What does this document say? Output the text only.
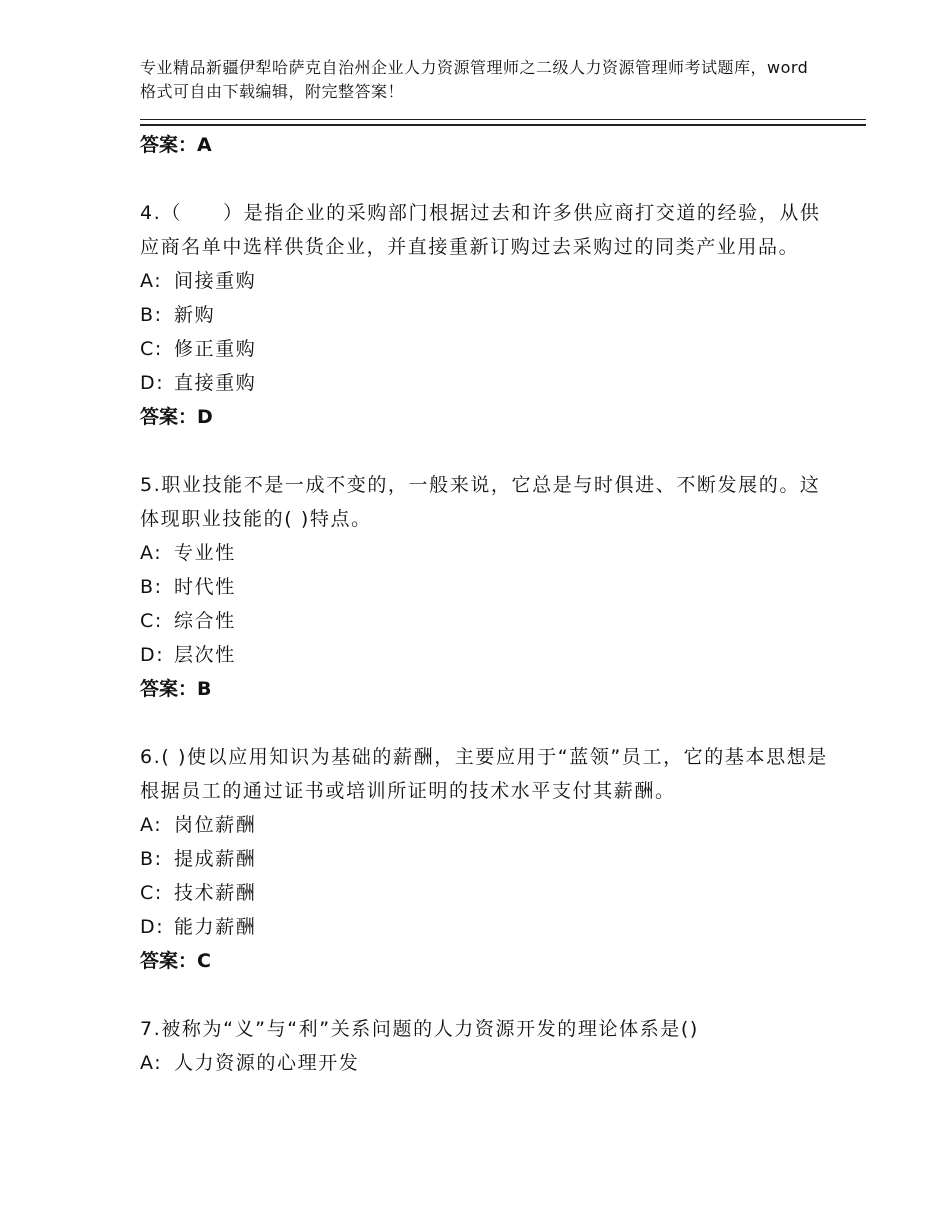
专业精品新疆伊犁哈萨克自治州企业人力资源管理师之二级人力资源管理师考试题库，word格式可自由下载编辑，附完整答案！
答案：A
4.（　　）是指企业的采购部门根据过去和许多供应商打交道的经验，从供应商名单中选样供货企业，并直接重新订购过去采购过的同类产业用品。
A: 间接重购
B: 新购
C: 修正重购
D: 直接重购
答案：D
5.职业技能不是一成不变的，一般来说，它总是与时俱进、不断发展的。这体现职业技能的( )特点。
A: 专业性
B: 时代性
C: 综合性
D: 层次性
答案：B
6.( )使以应用知识为基础的薪酬，主要应用于“蓝领”员工，它的基本思想是根据员工的通过证书或培训所证明的技术水平支付其薪酬。
A: 岗位薪酬
B: 提成薪酬
C: 技术薪酬
D: 能力薪酬
答案：C
7.被称为“义”与“利”关系问题的人力资源开发的理论体系是()
A: 人力资源的心理开发
